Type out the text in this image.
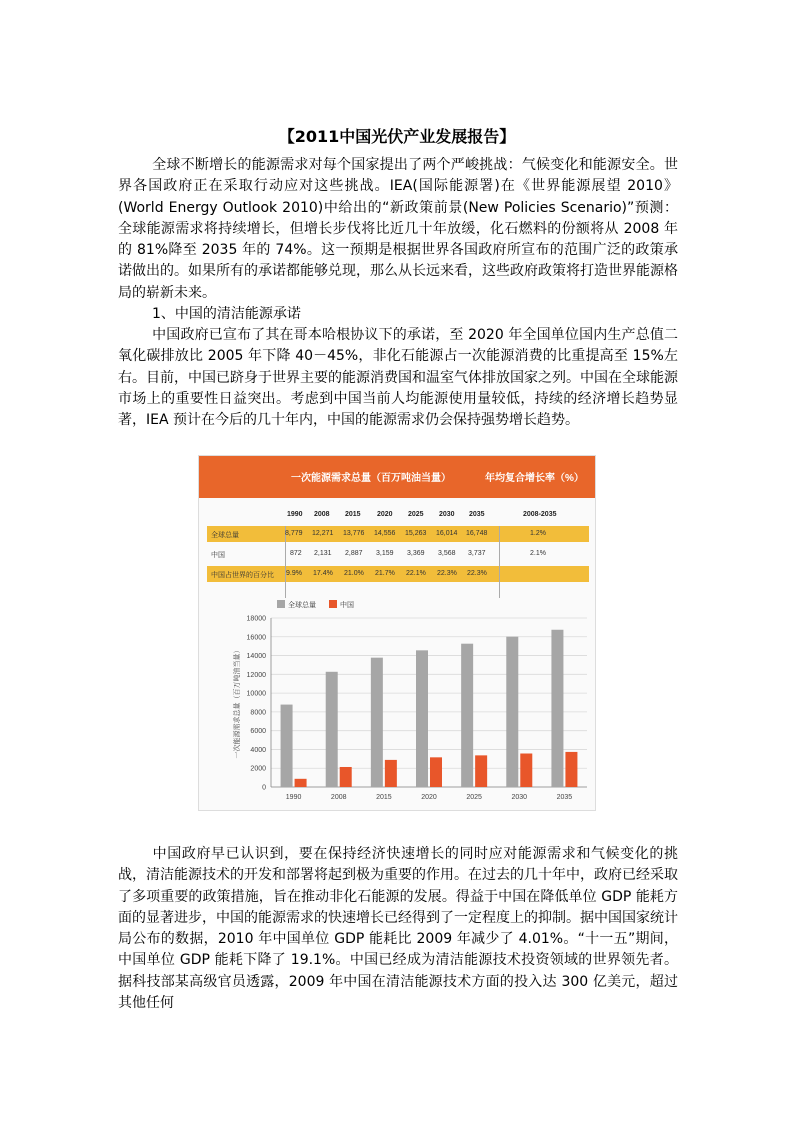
【2011中国光伏产业发展报告】

全球不断增长的能源需求对每个国家提出了两个严峻挑战：气候变化和能源安全。世界各国政府正在采取行动应对这些挑战。IEA(国际能源署)在《世界能源展望 2010》(World Energy Outlook 2010)中给出的“新政策前景(New Policies Scenario)”预测：全球能源需求将持续增长，但增长步伐将比近几十年放缓，化石燃料的份额将从 2008 年的 81%降至 2035 年的 74%。这一预期是根据世界各国政府所宣布的范围广泛的政策承诺做出的。如果所有的承诺都能够兑现，那么从长远来看，这些政府政策将打造世界能源格局的崭新未来。

1、中国的清洁能源承诺

中国政府已宣布了其在哥本哈根协议下的承诺，至 2020 年全国单位国内生产总值二氧化碳排放比 2005 年下降 40－45%，非化石能源占一次能源消费的比重提高至 15%左右。目前，中国已跻身于世界主要的能源消费国和温室气体排放国家之列。中国在全球能源市场上的重要性日益突出。考虑到中国当前人均能源使用量较低，持续的经济增长趋势显著，IEA 预计在今后的几十年内，中国的能源需求仍会保持强势增长趋势。

一次能源需求总量（百万吨油当量）	年均复合增长率（%）
1990 2008 2015 2020 2025 2030 2035	2008-2035
全球总量	8,779 12,271 13,776 14,556 15,263 16,014 16,748	1.2%
中国	872 2,131 2,887 3,159 3,369 3,568 3,737	2.1%
中国占世界的百分比 9.9% 17.4% 21.0% 21.7% 22.1% 22.3% 22.3%
0
2000
4000
6000
8000
10000
12000
14000
16000
18000
一次能源需求总量（百万吨油当量）
1990	2008	2015	2020	2025	2030	2035
全球总量	中国

中国政府早已认识到，要在保持经济快速增长的同时应对能源需求和气候变化的挑战，清洁能源技术的开发和部署将起到极为重要的作用。在过去的几十年中，政府已经采取了多项重要的政策措施，旨在推动非化石能源的发展。得益于中国在降低单位 GDP 能耗方面的显著进步，中国的能源需求的快速增长已经得到了一定程度上的抑制。据中国国家统计局公布的数据，2010 年中国单位 GDP 能耗比 2009 年减少了 4.01%。“十一五”期间，中国单位 GDP 能耗下降了 19.1%。中国已经成为清洁能源技术投资领域的世界领先者。据科技部某高级官员透露，2009 年中国在清洁能源技术方面的投入达 300 亿美元，超过其他任何
